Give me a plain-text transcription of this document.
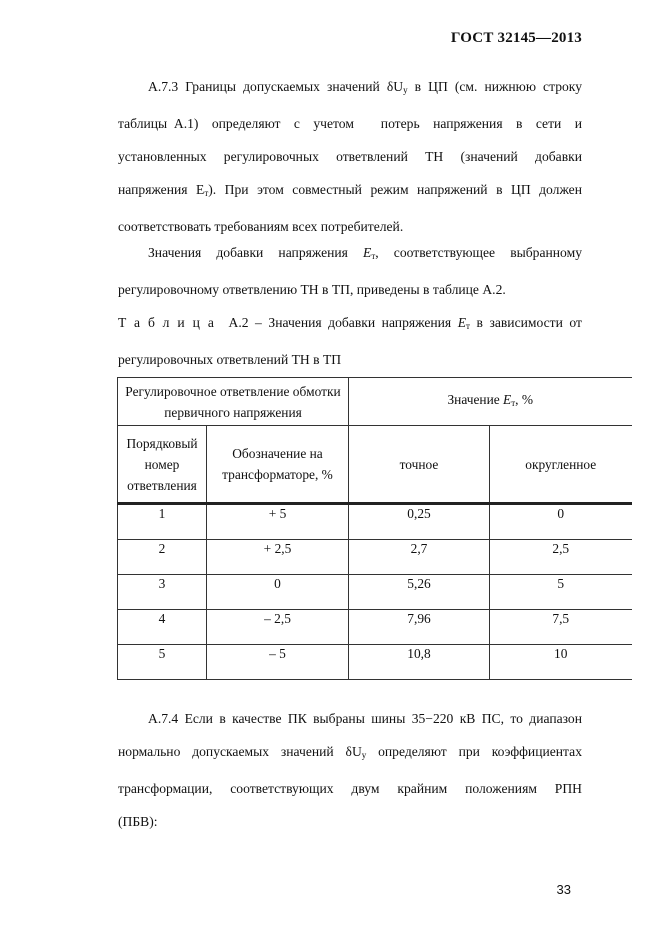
ГОСТ 32145—2013
А.7.3 Границы допускаемых значений $\delta U_у$ в ЦП (см. нижнюю строку
таблицы А.1)  определяют  с  учетом    потерь  напряжения  в  сети  и
установленных  регулировочных  ответвлений  ТН  (значений  добавки
напряжения $Е_т$). При этом совместный режим напряжений в ЦП должен
соответствовать требованиям всех потребителей.
Значения  добавки  напряжения  $Е_т$,  соответствующее  выбранному
регулировочному ответвлению ТН в ТП, приведены в таблице А.2.
Таблица А.2 – Значения добавки напряжения $Е_т$ в зависимости от
регулировочных ответвлений ТН в ТП
Регулировочное ответвление обмотки первичного напряжения		Значение $Е_т$, %	
Порядковый номер ответвления	Обозначение на трансформаторе, %	точное	округленное
1	+ 5	0,25	0
2	+ 2,5	2,7	2,5
3	0	5,26	5
4	– 2,5	7,96	7,5
5	– 5	10,8	10
А.7.4 Если в качестве ПК выбраны шины 35−220 кВ ПС, то диапазон
нормально  допускаемых  значений  $\delta U_у$  определяют  при  коэффициентах
трансформации,  соответствующих  двум  крайним  положениям  РПН
(ПБВ):
33
